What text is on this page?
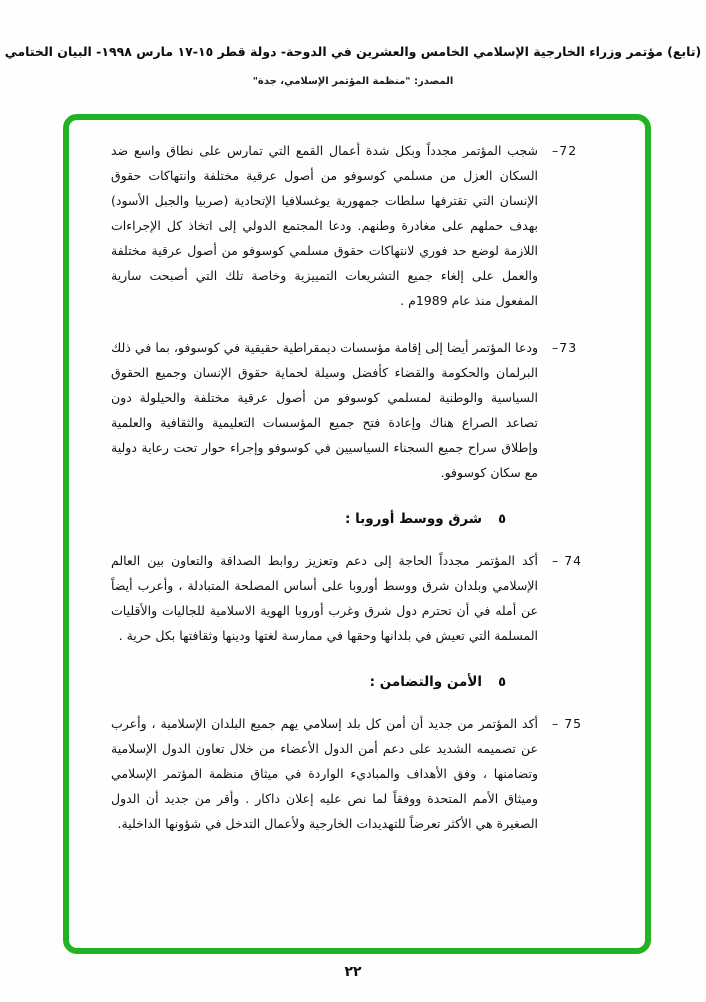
(تابع) مؤتمر وزراء الخارجية الإسلامي الخامس والعشرين في الدوحة- دولة قطر ١٥-١٧ مارس ١٩٩٨- البيان الختامي
المصدر: "منظمة المؤتمر الإسلامي، جدة"
–72
شجب المؤتمر مجدداً وبكل شدة أعمال القمع التي تمارس على نطاق واسع ضد السكان العزل من مسلمي كوسوفو من أصول عرقية مختلفة وانتهاكات حقوق الإنسان التي تقترفها سلطات جمهورية يوغسلافيا الإتحادية (صربيا والجبل الأسود) بهدف حملهم على مغادرة وطنهم. ودعا المجتمع الدولي إلى اتخاذ كل الإجراءات اللازمة لوضع حد فوري لانتهاكات حقوق مسلمي كوسوفو من أصول عرقية مختلفة والعمل على إلغاء جميع التشريعات التمييزية وخاصة تلك التي أصبحت سارية المفعول منذ عام 1989م .
–73
ودعا المؤتمر أيضا إلى إقامة مؤسسات ديمقراطية حقيقية في كوسوفو، بما في ذلك البرلمان والحكومة والقضاء كأفضل وسيلة لحماية حقوق الإنسان وجميع الحقوق السياسية والوطنية لمسلمي كوسوفو من أصول عرقية مختلفة والحيلولة دون تصاعد الصراع هناك وإعادة فتح جميع المؤسسات التعليمية والثقافية والعلمية وإطلاق سراح جميع السجناء السياسيين في كوسوفو وإجراء حوار تحت رعاية دولية مع سكان كوسوفو.
٥
شرق ووسط أوروبا :
– 74
أكد المؤتمر مجدداً الحاجة إلى دعم وتعزيز روابط الصداقة والتعاون بين العالم الإسلامي وبلدان شرق ووسط أوروبا على أساس المصلحة المتبادلة ، وأعرب أيضاً عن أمله في أن تحترم دول شرق وغرب أوروبا الهوية الاسلامية للجاليات والأقليات المسلمة التي تعيش في بلدانها وحقها في ممارسة لغتها ودينها وثقافتها بكل حرية .
٥
الأمن والتضامن :
– 75
أكد المؤتمر من جديد أن أمن كل بلد إسلامي يهم جميع البلدان الإسلامية ، وأعرب عن تصميمه الشديد على دعم أمن الدول الأعضاء من خلال تعاون الدول الإسلامية وتضامنها ، وفق الأهداف والمباديء الواردة في ميثاق منظمة المؤتمر الإسلامي وميثاق الأمم المتحدة ووفقاً لما نص عليه إعلان داكار . وأقر من جديد أن الدول الصغيرة هي الأكثر تعرضاً للتهديدات الخارجية ولأعمال التدخل في شؤونها الداخلية.
٢٢
